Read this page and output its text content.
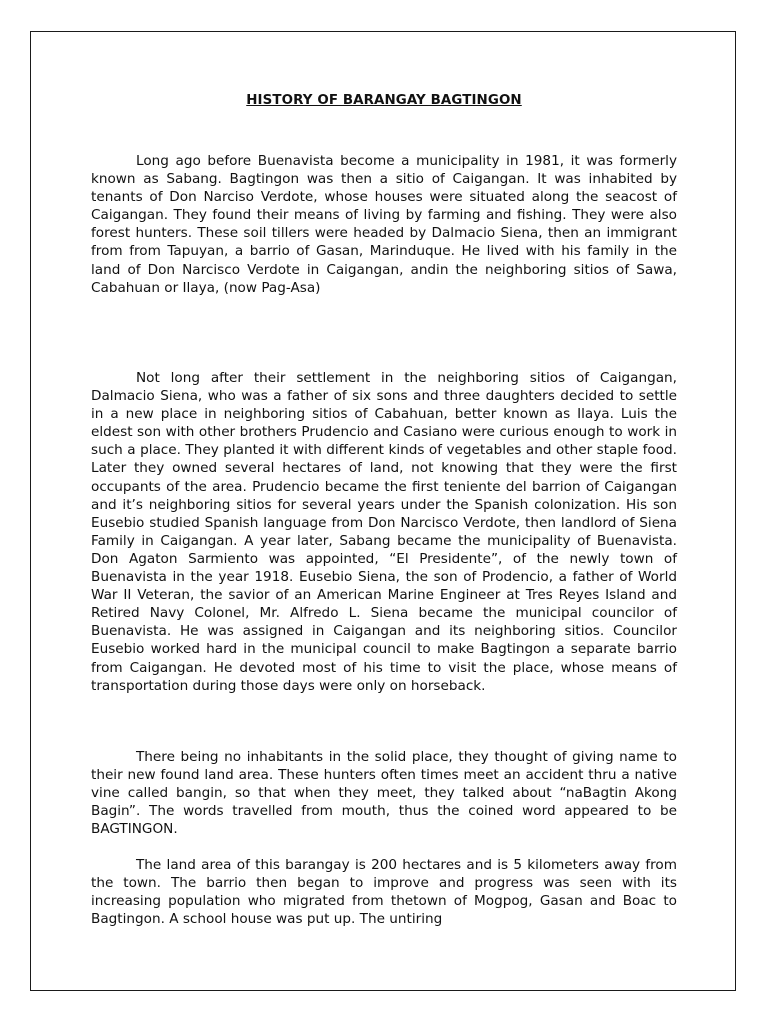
HISTORY OF BARANGAY BAGTINGON

Long ago before Buenavista become a municipality in 1981, it was formerly known as Sabang. Bagtingon was then a sitio of Caigangan. It was inhabited by tenants of Don Narciso Verdote, whose houses were situated along the seacost of Caigangan. They found their means of living by farming and fishing. They were also forest hunters. These soil tillers were headed by Dalmacio Siena, then an immigrant from from Tapuyan, a barrio of Gasan, Marinduque. He lived with his family in the land of Don Narcisco Verdote in Caigangan, andin the neighboring sitios of Sawa, Cabahuan or Ilaya, (now Pag-Asa)

Not long after their settlement in the neighboring sitios of Caigangan, Dalmacio Siena, who was a father of six sons and three daughters decided to settle in a new place in neighboring sitios of Cabahuan, better known as Ilaya. Luis the eldest son with other brothers Prudencio and Casiano were curious enough to work in such a place. They planted it with different kinds of vegetables and other staple food. Later they owned several hectares of land, not knowing that they were the first occupants of the area. Prudencio became the first teniente del barrion of Caigangan and it’s neighboring sitios for several years under the Spanish colonization. His son Eusebio studied Spanish language from Don Narcisco Verdote, then landlord of Siena Family in Caigangan. A year later, Sabang became the municipality of Buenavista. Don Agaton Sarmiento was appointed, “El Presidente”, of the newly town of Buenavista in the year 1918. Eusebio Siena, the son of Prodencio, a father of World War II Veteran, the savior of an American Marine Engineer at Tres Reyes Island and Retired Navy Colonel, Mr. Alfredo L. Siena became the municipal councilor of Buenavista. He was assigned in Caigangan and its neighboring sitios. Councilor Eusebio worked hard in the municipal council to make Bagtingon a separate barrio from Caigangan. He devoted most of his time to visit the place, whose means of transportation during those days were only on horseback.

There being no inhabitants in the solid place, they thought of giving name to their new found land area. These hunters often times meet an accident thru a native vine called bangin, so that when they meet, they talked about “naBagtin Akong Bagin”. The words travelled from mouth, thus the coined word appeared to be BAGTINGON.

The land area of this barangay is 200 hectares and is 5 kilometers away from the town. The barrio then began to improve and progress was seen with its increasing population who migrated from thetown of Mogpog, Gasan and Boac to Bagtingon. A school house was put up. The untiring
